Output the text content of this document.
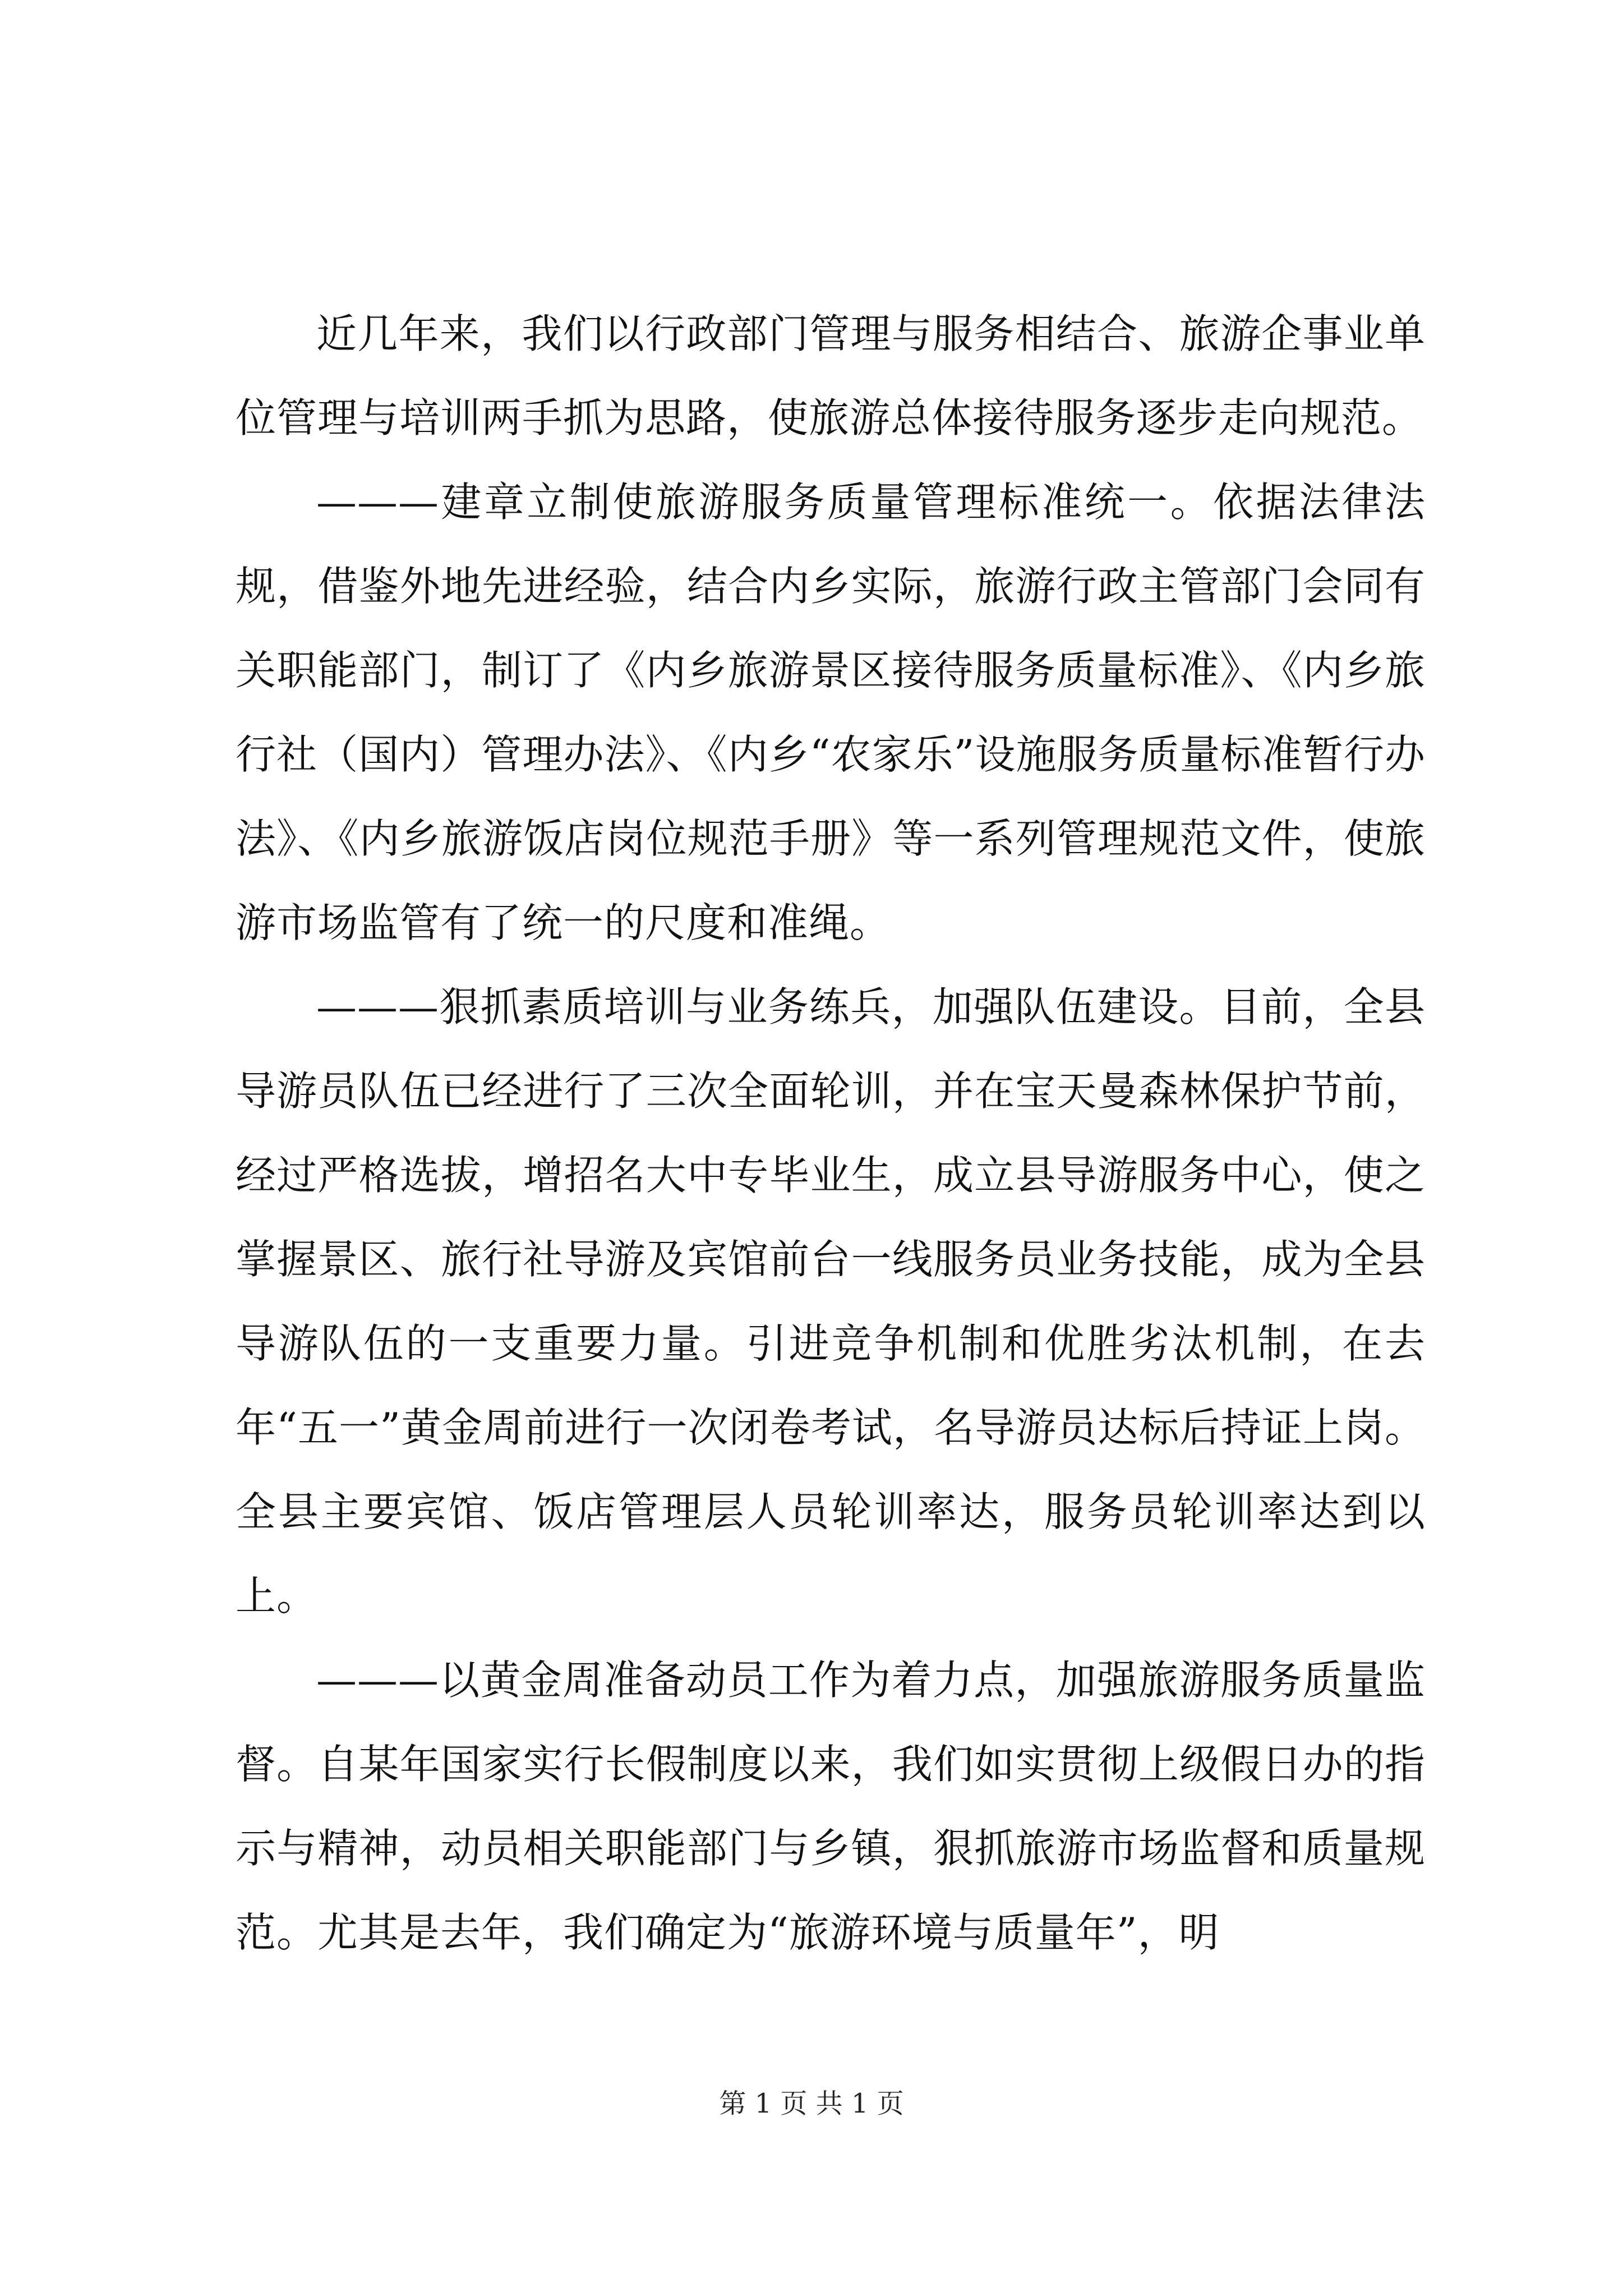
近几年来，我们以行政部门管理与服务相结合、旅游企事业单位管理与培训两手抓为思路，使旅游总体接待服务逐步走向规范。

———建章立制使旅游服务质量管理标准统一。依据法律法规，借鉴外地先进经验，结合内乡实际，旅游行政主管部门会同有关职能部门，制订了《内乡旅游景区接待服务质量标准》、《内乡旅行社（国内）管理办法》、《内乡“农家乐”设施服务质量标准暂行办法》、《内乡旅游饭店岗位规范手册》等一系列管理规范文件，使旅游市场监管有了统一的尺度和准绳。

———狠抓素质培训与业务练兵，加强队伍建设。目前，全县导游员队伍已经进行了三次全面轮训，并在宝天曼森林保护节前，经过严格选拔，增招名大中专毕业生，成立县导游服务中心，使之掌握景区、旅行社导游及宾馆前台一线服务员业务技能，成为全县导游队伍的一支重要力量。引进竞争机制和优胜劣汰机制，在去年“五一”黄金周前进行一次闭卷考试，名导游员达标后持证上岗。全县主要宾馆、饭店管理层人员轮训率达，服务员轮训率达到以上。

———以黄金周准备动员工作为着力点，加强旅游服务质量监督。自某年国家实行长假制度以来，我们如实贯彻上级假日办的指示与精神，动员相关职能部门与乡镇，狠抓旅游市场监督和质量规范。尤其是去年，我们确定为“旅游环境与质量年”，明

第 1 页 共 1 页
